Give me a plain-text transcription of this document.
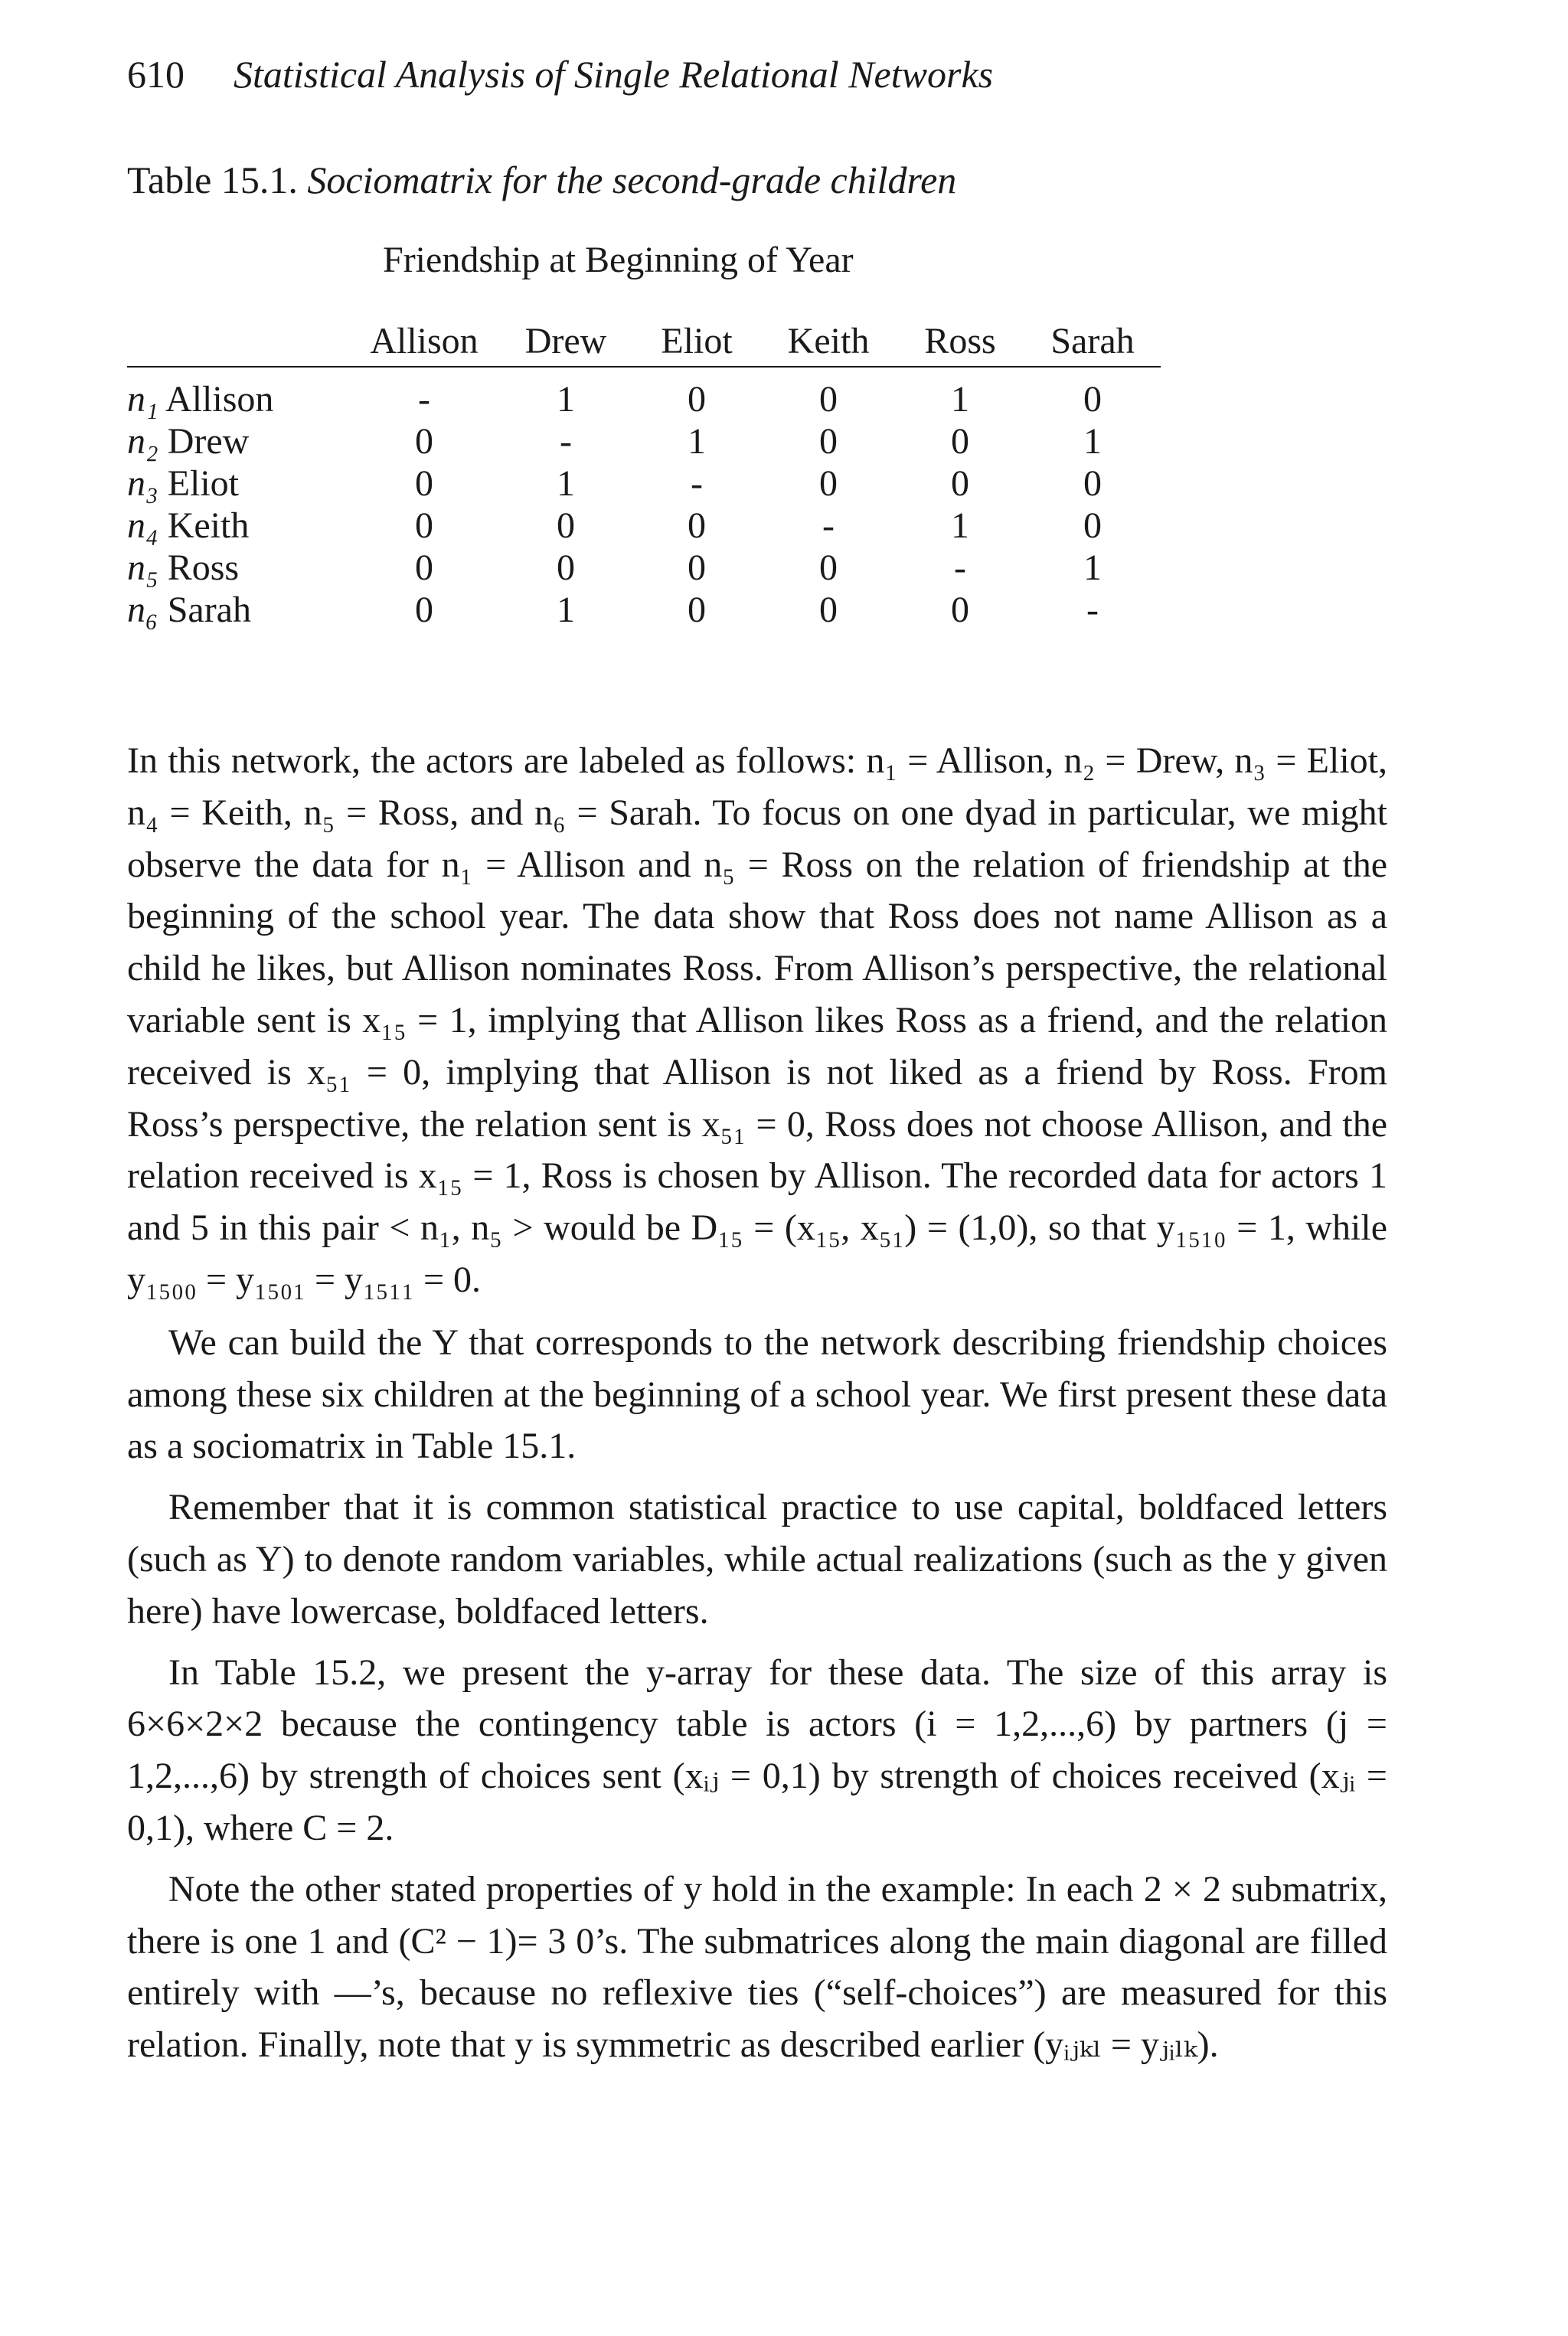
610 Statistical Analysis of Single Relational Networks
Table 15.1. Sociomatrix for the second-grade children
Friendship at Beginning of Year
	Allison	Drew	Eliot	Keith	Ross	Sarah
n₁ Allison	-	1	0	0	1	0
n₂ Drew	0	-	1	0	0	1
n₃ Eliot	0	1	-	0	0	0
n₄ Keith	0	0	0	-	1	0
n₅ Ross	0	0	0	0	-	1
n₆ Sarah	0	1	0	0	0	-

In this network, the actors are labeled as follows: n₁ = Allison, n₂ = Drew, n₃ = Eliot, n₄ = Keith, n₅ = Ross, and n₆ = Sarah. To focus on one dyad in particular, we might observe the data for n₁ = Allison and n₅ = Ross on the relation of friendship at the beginning of the school year. The data show that Ross does not name Allison as a child he likes, but Allison nominates Ross. From Allison’s perspective, the relational variable sent is x₁₅ = 1, implying that Allison likes Ross as a friend, and the relation received is x₅₁ = 0, implying that Allison is not liked as a friend by Ross. From Ross’s perspective, the relation sent is x₅₁ = 0, Ross does not choose Allison, and the relation received is x₁₅ = 1, Ross is chosen by Allison. The recorded data for actors 1 and 5 in this pair < n₁, n₅ > would be D₁₅ = (x₁₅, x₅₁) = (1,0), so that y₁₅₁₀ = 1, while y₁₅₀₀ = y₁₅₀₁ = y₁₅₁₁ = 0.

We can build the Y that corresponds to the network describing friendship choices among these six children at the beginning of a school year. We first present these data as a sociomatrix in Table 15.1.

Remember that it is common statistical practice to use capital, boldfaced letters (such as Y) to denote random variables, while actual realizations (such as the y given here) have lowercase, boldfaced letters.

In Table 15.2, we present the y-array for these data. The size of this array is 6×6×2×2 because the contingency table is actors (i = 1,2,...,6) by partners (j = 1,2,...,6) by strength of choices sent (xᵢⱼ = 0,1) by strength of choices received (xⱼᵢ = 0,1), where C = 2.

Note the other stated properties of y hold in the example: In each 2 × 2 submatrix, there is one 1 and (C² − 1)= 3 0’s. The submatrices along the main diagonal are filled entirely with —’s, because no reflexive ties (“self-choices”) are measured for this relation. Finally, note that y is symmetric as described earlier (yᵢⱼₖₗ = yⱼᵢₗₖ).
